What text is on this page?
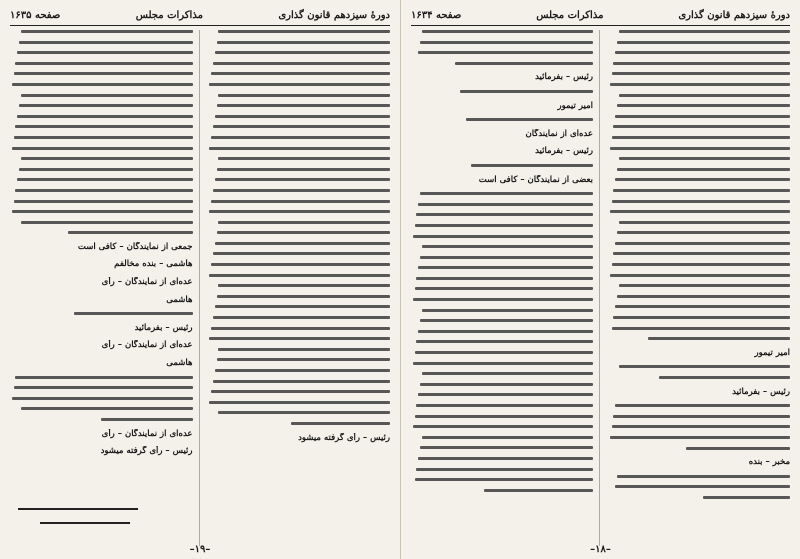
دورهٔ سیزدهم قانون گذاری
مذاکرات مجلس
صفحه ۱۶۳۴
امیر تیمور
رئیس – بفرمائید
مخبر – بنده
رئیس – بفرمائید
امیر تیمور
عده‌ای از نمایندگان
رئیس – بفرمائید
بعضی از نمایندگان – کافی است
–۱۸–
دورهٔ سیزدهم قانون گذاری
مذاکرات مجلس
صفحه ۱۶۳۵
رئیس – رأی گرفته میشود
جمعی از نمایندگان – کافی است
هاشمی – بنده مخالفم
عده‌ای از نمایندگان – رأی
هاشمی
رئیس – بفرمائید
عده‌ای از نمایندگان – رأی
هاشمی
عده‌ای از نمایندگان – رأی
رئیس – رأی گرفته میشود
–۱۹–
